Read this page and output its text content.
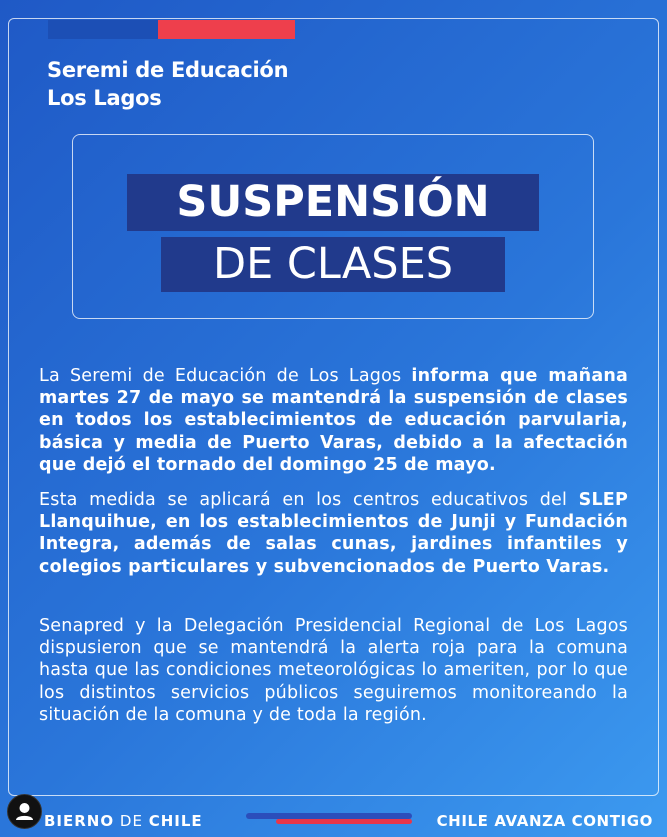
Seremi de Educación
Los Lagos
SUSPENSIÓN
DE CLASES

La Seremi de Educación de Los Lagos informa que mañana martes 27 de mayo se mantendrá la suspensión de clases en todos los establecimientos de educación parvularia, básica y media de Puerto Varas, debido a la afectación que dejó el tornado del domingo 25 de mayo.

Esta medida se aplicará en los centros educativos del SLEP Llanquihue, en los establecimientos de Junji y Fundación Integra, además de salas cunas, jardines infantiles y colegios particulares y subvencionados de Puerto Varas.

Senapred y la Delegación Presidencial Regional de Los Lagos dispusieron que se mantendrá la alerta roja para la comuna hasta que las condiciones meteorológicas lo ameriten, por lo que los distintos servicios públicos seguiremos monitoreando la situación de la comuna y de toda la región.

BIERNO DE CHILE	CHILE AVANZA CONTIGO
